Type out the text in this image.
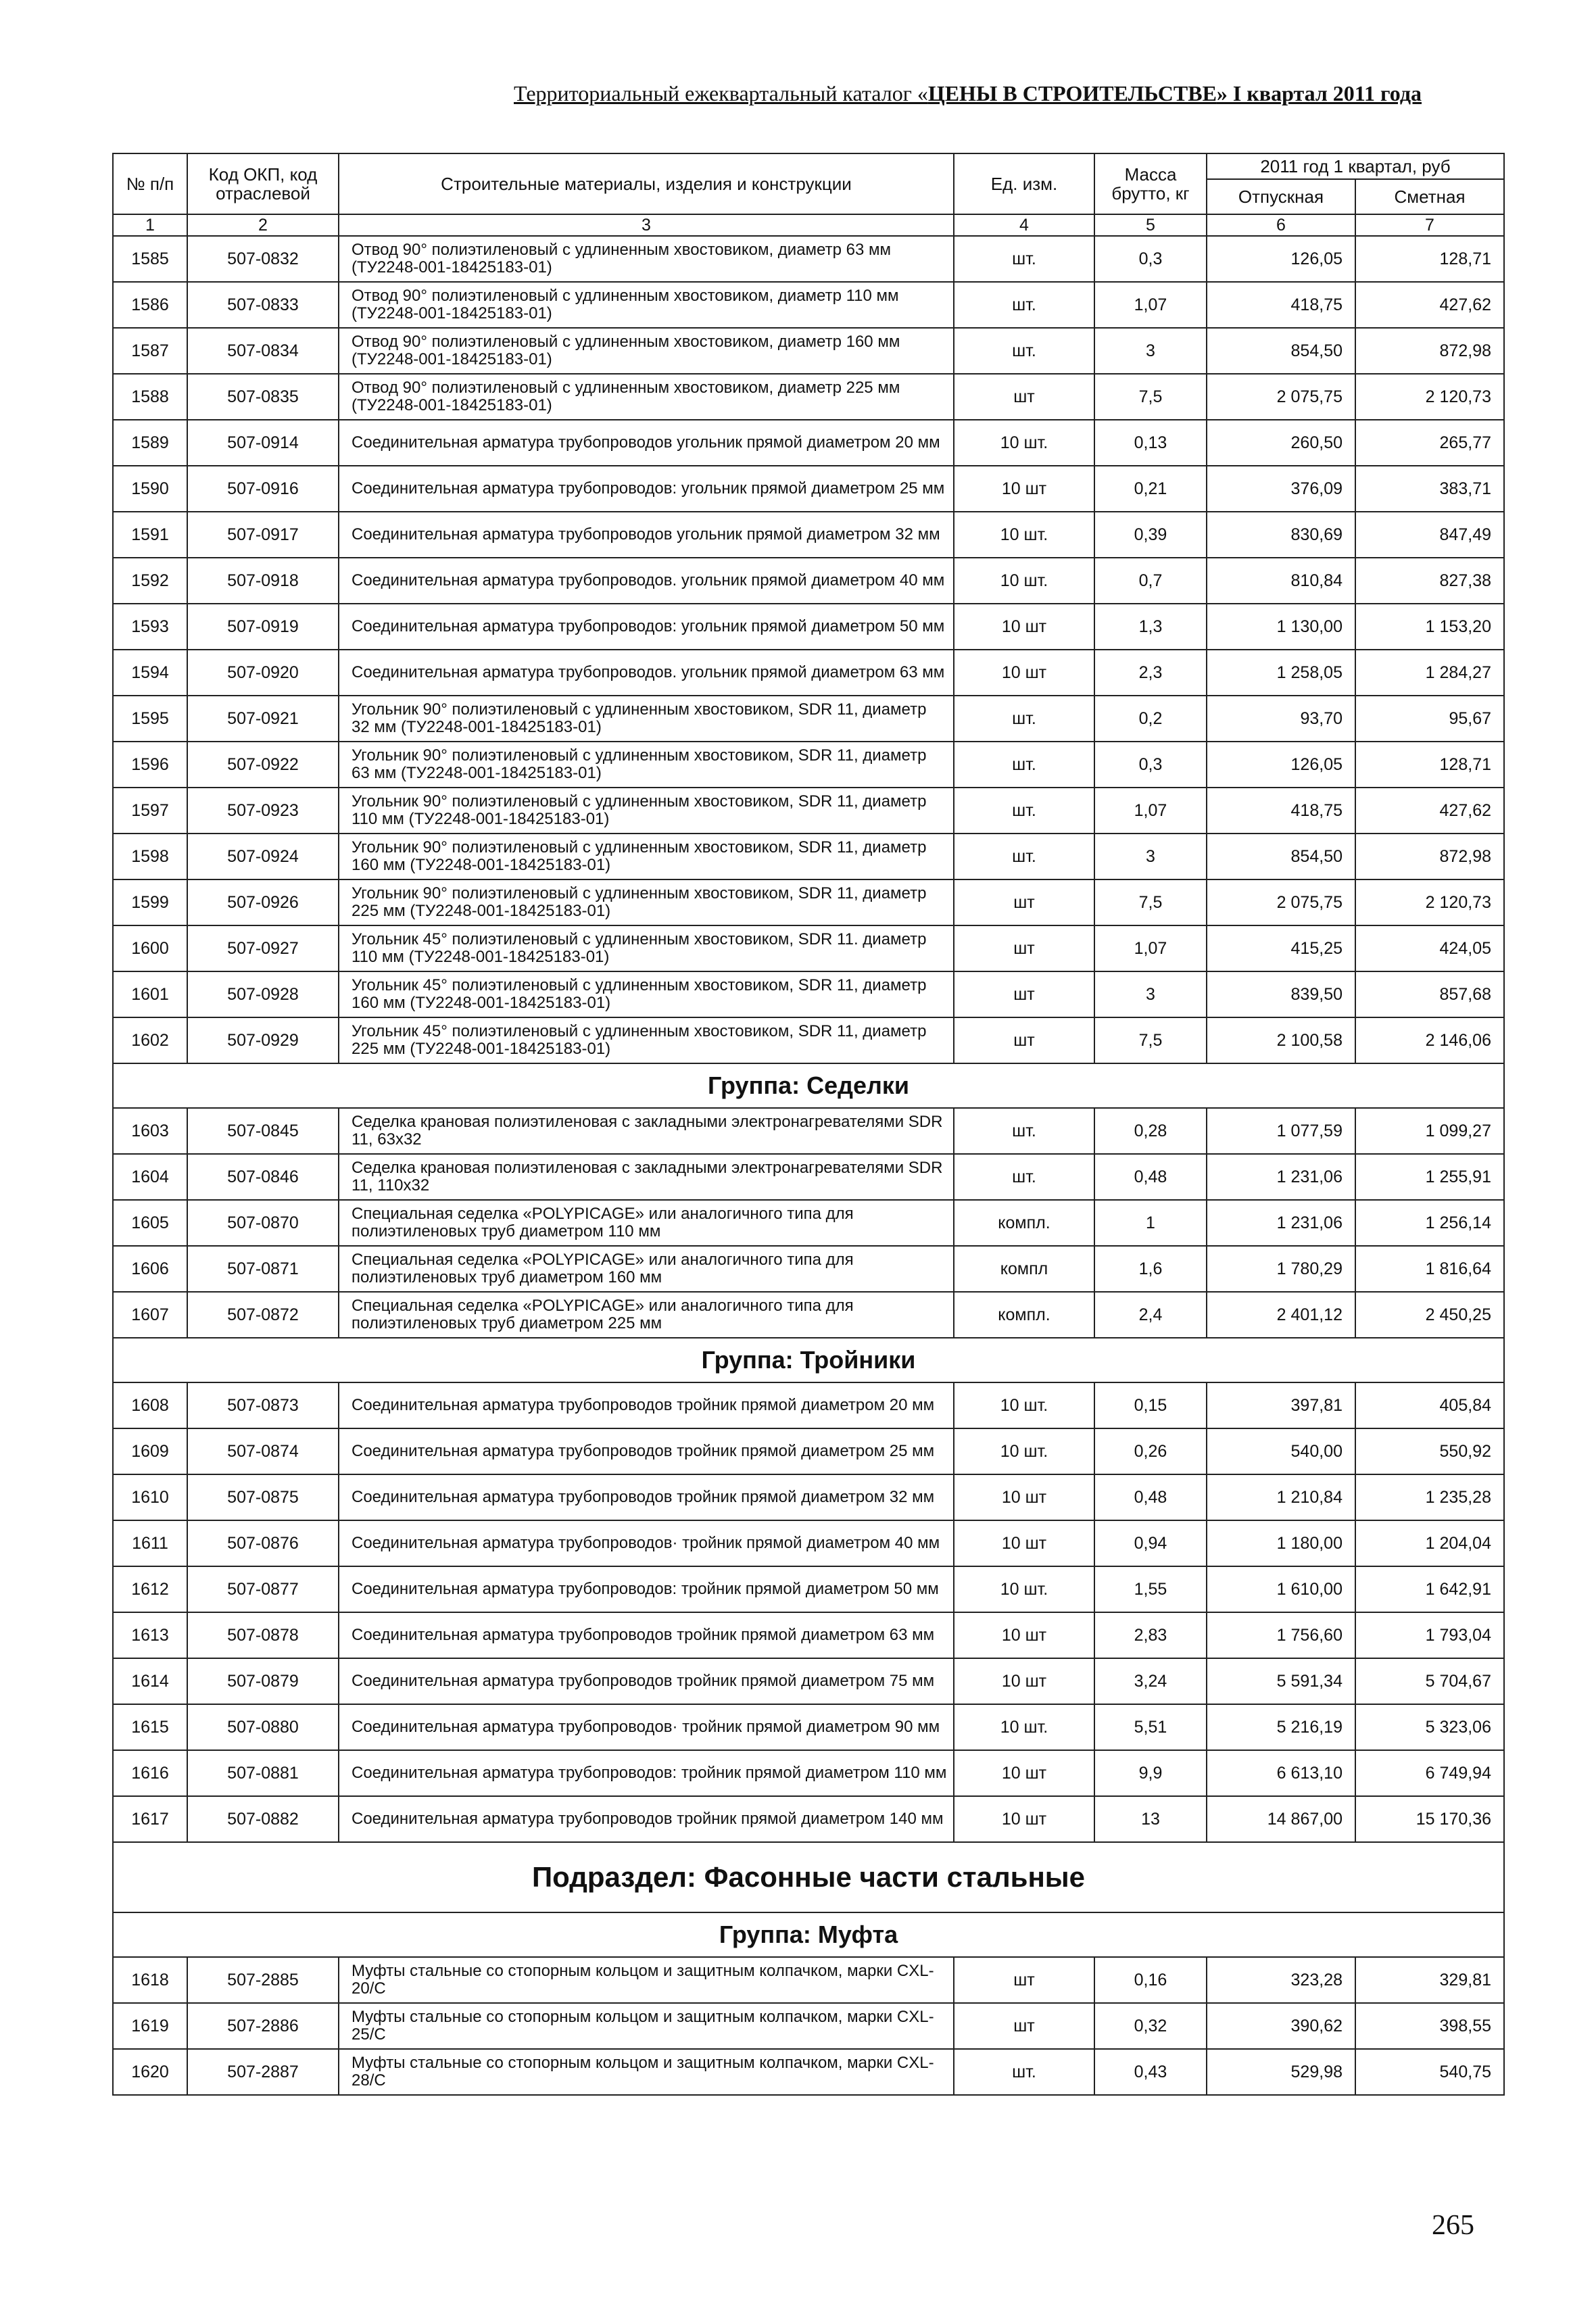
Территориальный ежеквартальный каталог «ЦЕНЫ В СТРОИТЕЛЬСТВЕ» I квартал 2011 года
№ п/п	Код ОКП, код отраслевой	Строительные материалы, изделия и конструкции	Ед. изм.	Масса брутто, кг	2011 год 1 квартал, руб	
					Отпускная	Сметная
1	2	3	4	5	6	7
1585	507-0832	Отвод 90° полиэтиленовый с удлиненным хвостовиком, диаметр 63 мм (ТУ2248-001-18425183-01)	шт.	0,3	126,05	128,71
1586	507-0833	Отвод 90° полиэтиленовый с удлиненным хвостовиком, диаметр 110 мм (ТУ2248-001-18425183-01)	шт.	1,07	418,75	427,62
1587	507-0834	Отвод 90° полиэтиленовый с удлиненным хвостовиком, диаметр 160 мм (ТУ2248-001-18425183-01)	шт.	3	854,50	872,98
1588	507-0835	Отвод 90° полиэтиленовый с удлиненным хвостовиком, диаметр 225 мм (ТУ2248-001-18425183-01)	шт	7,5	2 075,75	2 120,73
1589	507-0914	Соединительная арматура трубопроводов угольник прямой диаметром 20 мм	10 шт.	0,13	260,50	265,77
1590	507-0916	Соединительная арматура трубопроводов: угольник прямой диаметром 25 мм	10 шт	0,21	376,09	383,71
1591	507-0917	Соединительная арматура трубопроводов угольник прямой диаметром 32 мм	10 шт.	0,39	830,69	847,49
1592	507-0918	Соединительная арматура трубопроводов. угольник прямой диаметром 40 мм	10 шт.	0,7	810,84	827,38
1593	507-0919	Соединительная арматура трубопроводов: угольник прямой диаметром 50 мм	10 шт	1,3	1 130,00	1 153,20
1594	507-0920	Соединительная арматура трубопроводов. угольник прямой диаметром 63 мм	10 шт	2,3	1 258,05	1 284,27
1595	507-0921	Угольник 90° полиэтиленовый с удлиненным хвостовиком, SDR 11, диаметр 32 мм (ТУ2248-001-18425183-01)	шт.	0,2	93,70	95,67
1596	507-0922	Угольник 90° полиэтиленовый с удлиненным хвостовиком, SDR 11, диаметр 63 мм (ТУ2248-001-18425183-01)	шт.	0,3	126,05	128,71
1597	507-0923	Угольник 90° полиэтиленовый с удлиненным хвостовиком, SDR 11, диаметр 110 мм (ТУ2248-001-18425183-01)	шт.	1,07	418,75	427,62
1598	507-0924	Угольник 90° полиэтиленовый с удлиненным хвостовиком, SDR 11, диаметр 160 мм (ТУ2248-001-18425183-01)	шт.	3	854,50	872,98
1599	507-0926	Угольник 90° полиэтиленовый с удлиненным хвостовиком, SDR 11, диаметр 225 мм (ТУ2248-001-18425183-01)	шт	7,5	2 075,75	2 120,73
1600	507-0927	Угольник 45° полиэтиленовый с удлиненным хвостовиком, SDR 11. диаметр 110 мм (ТУ2248-001-18425183-01)	шт	1,07	415,25	424,05
1601	507-0928	Угольник 45° полиэтиленовый с удлиненным хвостовиком, SDR 11, диаметр 160 мм (ТУ2248-001-18425183-01)	шт	3	839,50	857,68
1602	507-0929	Угольник 45° полиэтиленовый с удлиненным хвостовиком, SDR 11, диаметр 225 мм (ТУ2248-001-18425183-01)	шт	7,5	2 100,58	2 146,06
Группа: Седелки						
1603	507-0845	Седелка крановая полиэтиленовая с закладными электронагревателями SDR 11, 63x32	шт.	0,28	1 077,59	1 099,27
1604	507-0846	Седелка крановая полиэтиленовая с закладными электронагревателями SDR 11, 110x32	шт.	0,48	1 231,06	1 255,91
1605	507-0870	Специальная седелка «POLYPICAGE» или аналогичного типа для полиэтиленовых труб диаметром 110 мм	компл.	1	1 231,06	1 256,14
1606	507-0871	Специальная седелка «POLYPICAGE» или аналогичного типа для полиэтиленовых труб диаметром 160 мм	компл	1,6	1 780,29	1 816,64
1607	507-0872	Специальная седелка «POLYPICAGE» или аналогичного типа для полиэтиленовых труб диаметром 225 мм	компл.	2,4	2 401,12	2 450,25
Группа: Тройники						
1608	507-0873	Соединительная арматура трубопроводов тройник прямой диаметром 20 мм	10 шт.	0,15	397,81	405,84
1609	507-0874	Соединительная арматура трубопроводов тройник прямой диаметром 25 мм	10 шт.	0,26	540,00	550,92
1610	507-0875	Соединительная арматура трубопроводов тройник прямой диаметром 32 мм	10 шт	0,48	1 210,84	1 235,28
1611	507-0876	Соединительная арматура трубопроводов· тройник прямой диаметром 40 мм	10 шт	0,94	1 180,00	1 204,04
1612	507-0877	Соединительная арматура трубопроводов: тройник прямой диаметром 50 мм	10 шт.	1,55	1 610,00	1 642,91
1613	507-0878	Соединительная арматура трубопроводов тройник прямой диаметром 63 мм	10 шт	2,83	1 756,60	1 793,04
1614	507-0879	Соединительная арматура трубопроводов тройник прямой диаметром 75 мм	10 шт	3,24	5 591,34	5 704,67
1615	507-0880	Соединительная арматура трубопроводов· тройник прямой диаметром 90 мм	10 шт.	5,51	5 216,19	5 323,06
1616	507-0881	Соединительная арматура трубопроводов: тройник прямой диаметром 110 мм	10 шт	9,9	6 613,10	6 749,94
1617	507-0882	Соединительная арматура трубопроводов тройник прямой диаметром 140 мм	10 шт	13	14 867,00	15 170,36
Подраздел: Фасонные части стальные						
Группа: Муфта						
1618	507-2885	Муфты стальные со стопорным кольцом и защитным колпачком, марки CXL-20/C	шт	0,16	323,28	329,81
1619	507-2886	Муфты стальные со стопорным кольцом и защитным колпачком, марки CXL-25/C	шт	0,32	390,62	398,55
1620	507-2887	Муфты стальные со стопорным кольцом и защитным колпачком, марки CXL-28/C	шт.	0,43	529,98	540,75
265
